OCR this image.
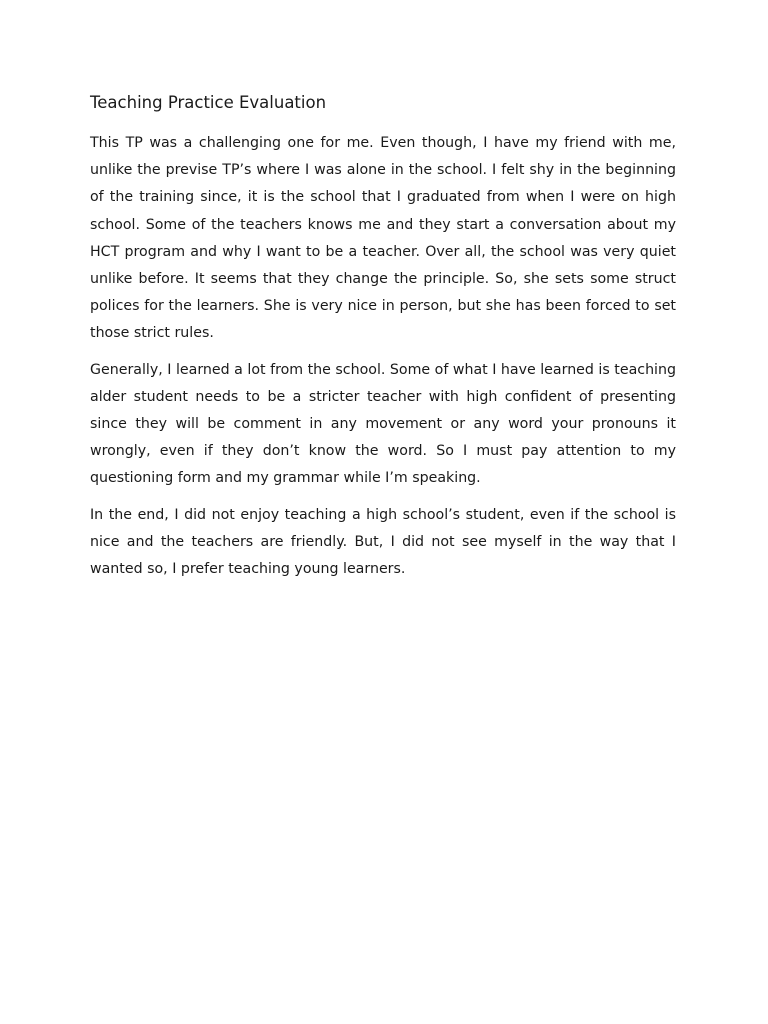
Teaching Practice Evaluation

This TP was a challenging one for me. Even though, I have my friend with me, unlike the previse TP’s where I was alone in the school. I felt shy in the beginning of the training since, it is the school that I graduated from when I were on high school. Some of the teachers knows me and they start a conversation about my HCT program and why I want to be a teacher. Over all, the school was very quiet unlike before. It seems that they change the principle. So, she sets some struct polices for the learners. She is very nice in person, but she has been forced to set those strict rules.

Generally, I learned a lot from the school. Some of what I have learned is teaching alder student needs to be a stricter teacher with high confident of presenting since they will be comment in any movement or any word your pronouns it wrongly, even if they don’t know the word. So I must pay attention to my questioning form and my grammar while I’m speaking.

In the end, I did not enjoy teaching a high school’s student, even if the school is nice and the teachers are friendly. But, I did not see myself in the way that I wanted so, I prefer teaching young learners.
